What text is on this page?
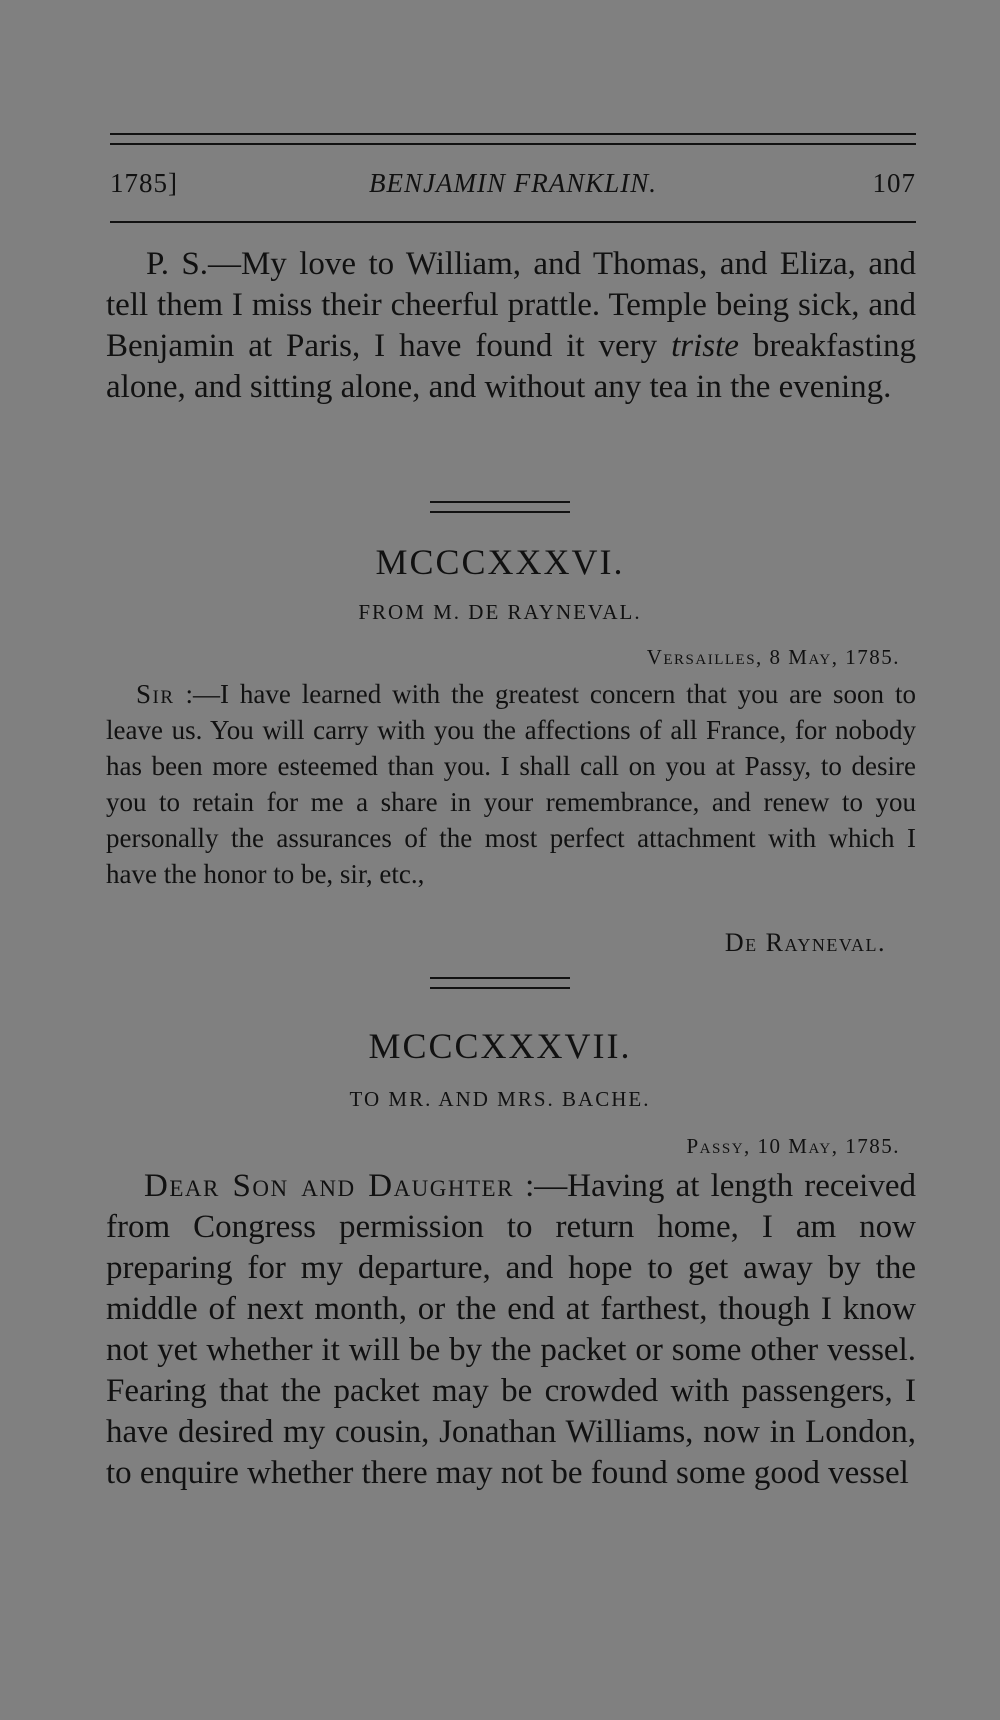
1785]	BENJAMIN FRANKLIN.	107

P. S.—My love to William, and Thomas, and Eliza, and tell them I miss their cheerful prattle. Temple being sick, and Benjamin at Paris, I have found it very triste breakfasting alone, and sitting alone, and without any tea in the evening.

MCCCXXXVI.
FROM M. DE RAYNEVAL.
Versailles, 8 May, 1785.

Sir :—I have learned with the greatest concern that you are soon to leave us. You will carry with you the affections of all France, for nobody has been more esteemed than you. I shall call on you at Passy, to desire you to retain for me a share in your remembrance, and renew to you personally the assurances of the most perfect attachment with which I have the honor to be, sir, etc.,

De Rayneval.
MCCCXXXVII.
TO MR. AND MRS. BACHE.
Passy, 10 May, 1785.

Dear Son and Daughter :—Having at length received from Congress permission to return home, I am now preparing for my departure, and hope to get away by the middle of next month, or the end at farthest, though I know not yet whether it will be by the packet or some other vessel. Fearing that the packet may be crowded with passengers, I have desired my cousin, Jonathan Williams, now in London, to enquire whether there may not be found some good vessel
